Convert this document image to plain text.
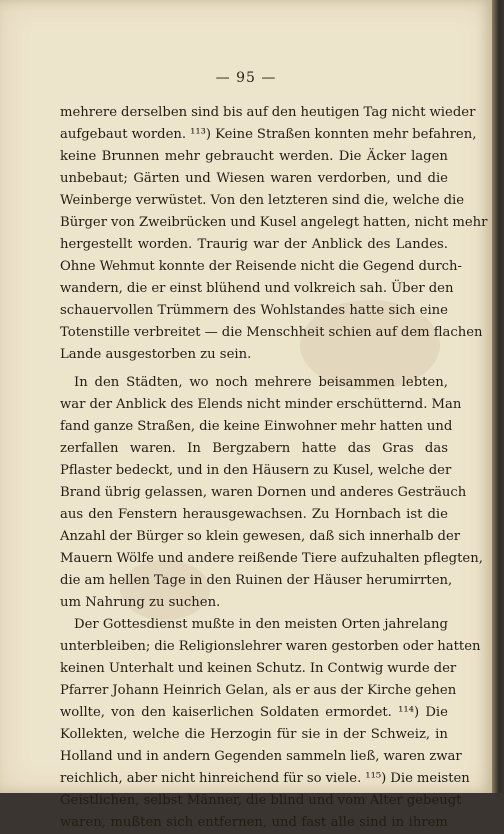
— 95 —
mehrere derselben sind bis auf den heutigen Tag nicht wieder
aufgebaut worden. ¹¹³) Keine Straßen konnten mehr befahren,
keine Brunnen mehr gebraucht werden. Die Äcker lagen
unbebaut; Gärten und Wiesen waren verdorben, und die
Weinberge verwüstet. Von den letzteren sind die, welche die
Bürger von Zweibrücken und Kusel angelegt hatten, nicht mehr
hergestellt worden. Traurig war der Anblick des Landes.
Ohne Wehmut konnte der Reisende nicht die Gegend durch-
wandern, die er einst blühend und volkreich sah. Über den
schauervollen Trümmern des Wohlstandes hatte sich eine
Totenstille verbreitet — die Menschheit schien auf dem flachen
Lande ausgestorben zu sein.
In den Städten, wo noch mehrere beisammen lebten,
war der Anblick des Elends nicht minder erschütternd. Man
fand ganze Straßen, die keine Einwohner mehr hatten und
zerfallen waren. In Bergzabern hatte das Gras das
Pflaster bedeckt, und in den Häusern zu Kusel, welche der
Brand übrig gelassen, waren Dornen und anderes Gesträuch
aus den Fenstern herausgewachsen. Zu Hornbach ist die
Anzahl der Bürger so klein gewesen, daß sich innerhalb der
Mauern Wölfe und andere reißende Tiere aufzuhalten pflegten,
die am hellen Tage in den Ruinen der Häuser herumirrten,
um Nahrung zu suchen.
Der Gottesdienst mußte in den meisten Orten jahrelang
unterbleiben; die Religionslehrer waren gestorben oder hatten
keinen Unterhalt und keinen Schutz. In Contwig wurde der
Pfarrer Johann Heinrich Gelan, als er aus der Kirche gehen
wollte, von den kaiserlichen Soldaten ermordet. ¹¹⁴) Die
Kollekten, welche die Herzogin für sie in der Schweiz, in
Holland und in andern Gegenden sammeln ließ, waren zwar
reichlich, aber nicht hinreichend für so viele. ¹¹⁵) Die meisten
Geistlichen, selbst Männer, die blind und vom Alter gebeugt
waren, mußten sich entfernen, und fast alle sind in ihrem
